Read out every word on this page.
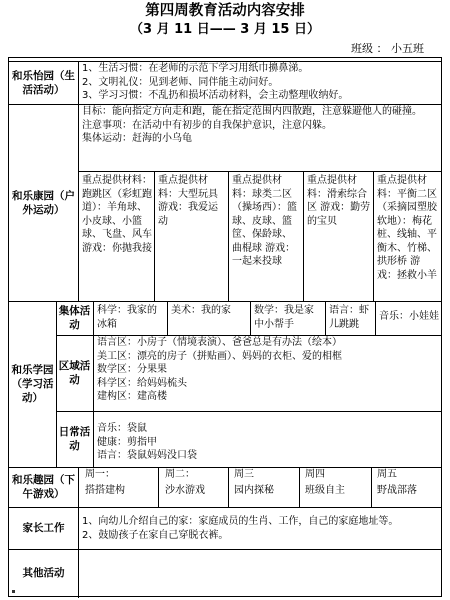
第四周教育活动内容安排
（3 月 11 日—— 3 月 15 日）
班级 ： 小五班
和乐怡园（生活活动）
1、生活习惯：在老师的示范下学习用纸巾擤鼻涕。
2、文明礼仪：见到老师、同伴能主动问好。
3、学习习惯：不乱扔和损坏活动材料，会主动整理收纳好。
和乐康园（户外运动）
目标：能向指定方向走和跑，能在指定范围内四散跑，注意躲避他人的碰撞。
注意事项：在活动中有初步的自我保护意识，注意闪躲。
集体运动：赶海的小乌龟
重点提供材料：跑跳区（彩虹跑道）：羊角球、小皮球、小篮球、飞盘、风车 游戏：你抛我接
重点提供材料：大型玩具 游戏：我爱运动
重点提供材料：球类二区（操场西）：篮球、皮球、篮筐、保龄球、曲棍球 游戏：一起来投球
重点提供材料：滑索综合区 游戏：勤劳的宝贝
重点提供材料：平衡二区（采摘园塑胶软地）：梅花桩、线轴、平衡木、竹梯、拱形桥 游戏：拯救小羊
和乐学园（学习活动）
集体活动
科学：我家的冰箱
美术：我的家	数学：我是家中小帮手
语言：虾儿跳跳
音乐：小娃娃
区域活动
语言区：小房子（情境表演）、爸爸总是有办法（绘本）
美工区：漂亮的房子（拼贴画）、妈妈的衣柜、爱的相框
数学区：分果果
科学区：给妈妈梳头
建构区：建高楼
日常活动
音乐：袋鼠
健康：剪指甲
语言：袋鼠妈妈没口袋
和乐趣园（下午游戏）
周一：
搭搭建构
周二：
沙水游戏
周三
园内探秘
周四
班级自主
周五
野战部落
家长工作
1、向幼儿介绍自己的家：家庭成员的生肖、工作，自己的家庭地址等。
2、鼓励孩子在家自己穿脱衣裤。
其他活动
